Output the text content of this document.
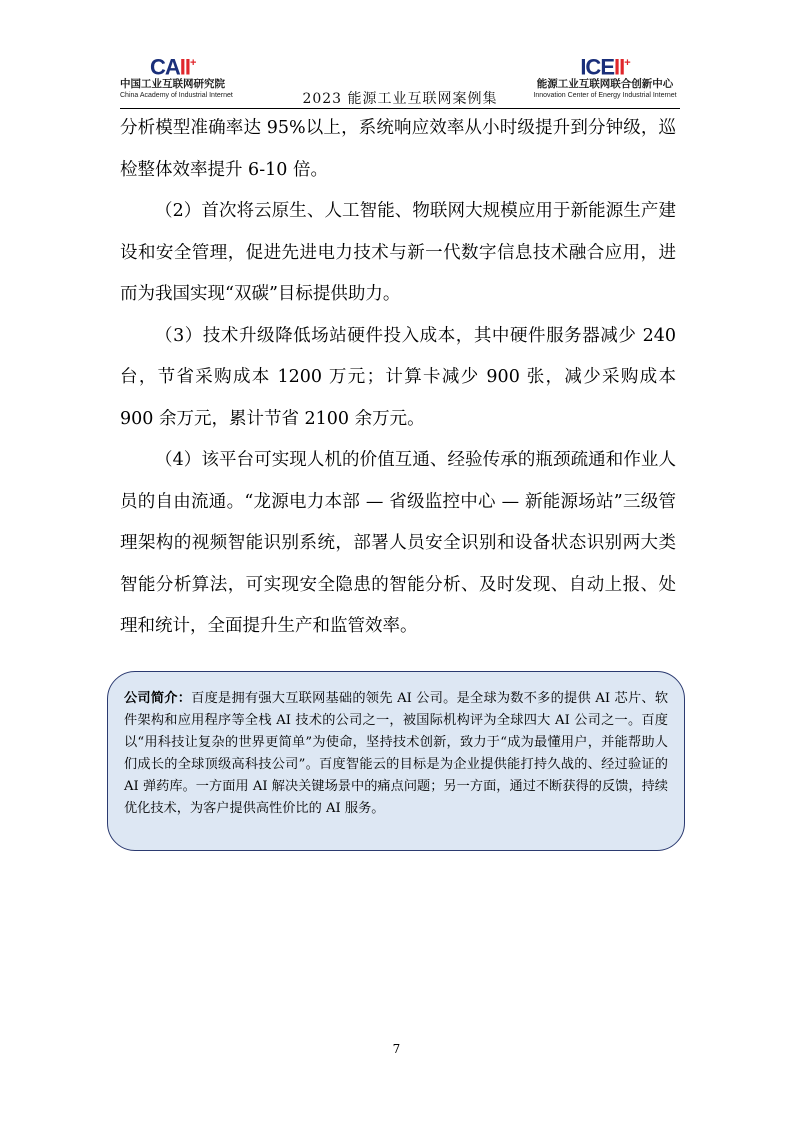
CAII+
中国工业互联网研究院
China Academy of Industrial Internet	2023 能源工业互联网案例集
ICEII+
能源工业互联网联合创新中心
Innovation Center of Energy Industrial Internet

分析模型准确率达 95%以上，系统响应效率从小时级提升到分钟级，巡检整体效率提升 6-10 倍。

（2）首次将云原生、人工智能、物联网大规模应用于新能源生产建设和安全管理，促进先进电力技术与新一代数字信息技术融合应用，进而为我国实现“双碳”目标提供助力。

（3）技术升级降低场站硬件投入成本，其中硬件服务器减少 240 台，节省采购成本 1200 万元；计算卡减少 900 张，减少采购成本 900 余万元，累计节省 2100 余万元。

（4）该平台可实现人机的价值互通、经验传承的瓶颈疏通和作业人员的自由流通。“龙源电力本部 — 省级监控中心 — 新能源场站”三级管理架构的视频智能识别系统，部署人员安全识别和设备状态识别两大类智能分析算法，可实现安全隐患的智能分析、及时发现、自动上报、处理和统计，全面提升生产和监管效率。

公司简介：百度是拥有强大互联网基础的领先 AI 公司。是全球为数不多的提供 AI 芯片、软件架构和应用程序等全栈 AI 技术的公司之一，被国际机构评为全球四大 AI 公司之一。百度以“用科技让复杂的世界更简单”为使命，坚持技术创新，致力于“成为最懂用户，并能帮助人们成长的全球顶级高科技公司”。百度智能云的目标是为企业提供能打持久战的、经过验证的 AI 弹药库。一方面用 AI 解决关键场景中的痛点问题；另一方面，通过不断获得的反馈，持续优化技术，为客户提供高性价比的 AI 服务。

7
